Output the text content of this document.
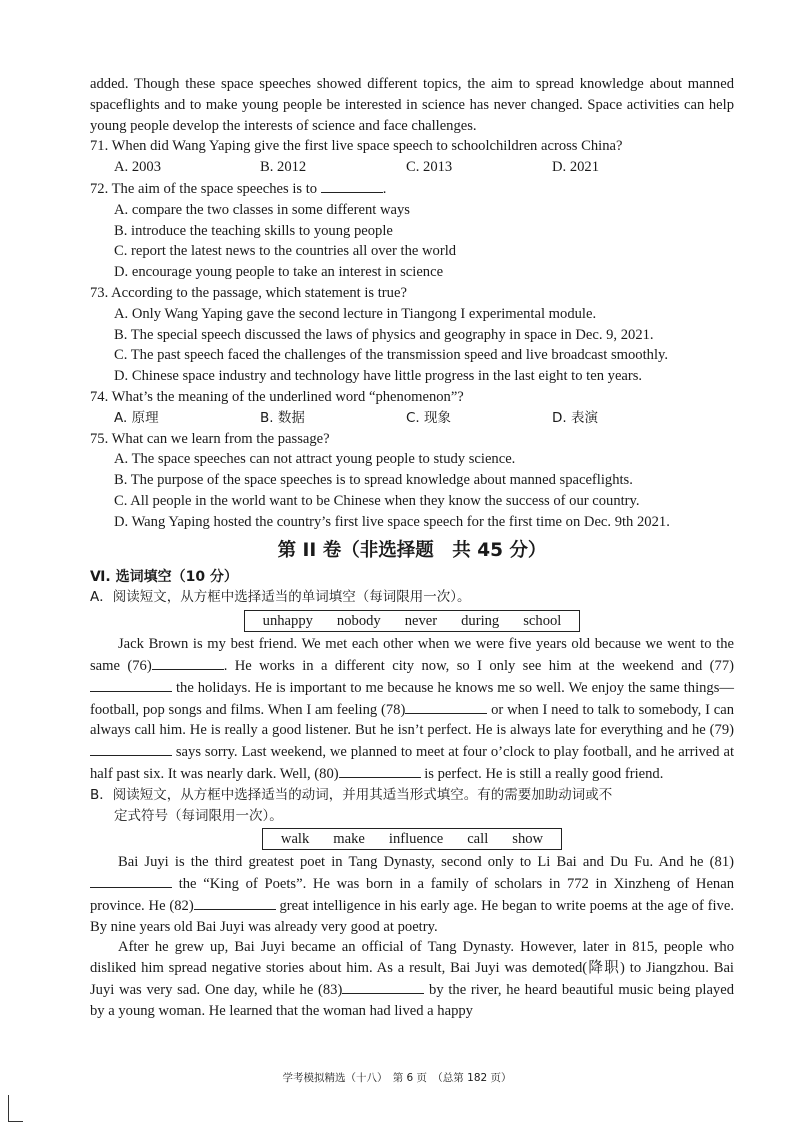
added. Though these space speeches showed different topics, the aim to spread knowledge about manned spaceflights and to make young people be interested in science has never changed. Space activities can help young people develop the interests of science and face challenges.
71. When did Wang Yaping give the first live space speech to schoolchildren across China?
A. 2003	B. 2012	C. 2013	D. 2021
72. The aim of the space speeches is to	.
A. compare the two classes in some different ways
B. introduce the teaching skills to young people
C. report the latest news to the countries all over the world
D. encourage young people to take an interest in science
73. According to the passage, which statement is true?
A. Only Wang Yaping gave the second lecture in Tiangong I experimental module.
B. The special speech discussed the laws of physics and geography in space in Dec. 9, 2021.
C. The past speech faced the challenges of the transmission speed and live broadcast smoothly.
D. Chinese space industry and technology have little progress in the last eight to ten years.
74. What’s the meaning of the underlined word “phenomenon”?
A. 原理	B. 数据	C. 现象	D. 表演
75. What can we learn from the passage?
A. The space speeches can not attract young people to study science.
B. The purpose of the space speeches is to spread knowledge about manned spaceflights.
C. All people in the world want to be Chinese when they know the success of our country.
D. Wang Yaping hosted the country’s first live space speech for the first time on Dec. 9th 2021.
第 II 卷（非选择题　共 45 分）
Ⅵ. 选词填空（10 分）
A．阅读短文，从方框中选择适当的单词填空（每词限用一次）。
unhappy nobody never during school
Jack Brown is my best friend. We met each other when we were five years old because we went to the same (76)	. He works in a different city now, so I only see him at the weekend and (77) the holidays. He is important to me because he knows me so well. We enjoy the same things— football, pop songs and films. When I am feeling (78)	or when I need to talk to somebody, I can always call him. He is really a good listener. But he isn’t perfect. He is always late for everything and he (79) says sorry. Last weekend, we planned to meet at four o’clock to play football, and he arrived at half past six. It was nearly dark. Well, (80)	is perfect. He is still a really good friend.
B．阅读短文，从方框中选择适当的动词，并用其适当形式填空。有的需要加助动词或不
定式符号（每词限用一次）。
walk make influence call show
Bai Juyi is the third greatest poet in Tang Dynasty, second only to Li Bai and Du Fu. And he (81) the “King of Poets”. He was born in a family of scholars in 772 in Xinzheng of Henan province. He (82)	great intelligence in his early age. He began to write poems at the age of five. By nine years old Bai Juyi was already very good at poetry.
After he grew up, Bai Juyi became an official of Tang Dynasty. However, later in 815, people who disliked him spread negative stories about him. As a result, Bai Juyi was demoted(降职) to Jiangzhou. Bai Juyi was very sad. One day, while he (83)	by the river, he heard beautiful music being played by a young woman. He learned that the woman had lived a happy
学考模拟精选（十八）　第 6 页　（总第 182 页）
